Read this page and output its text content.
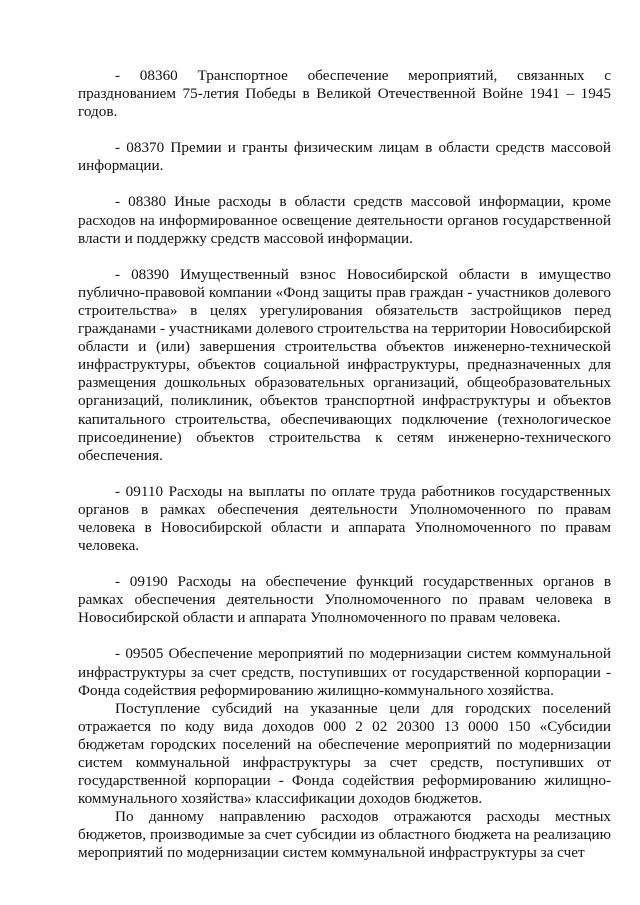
- 08360 Транспортное обеспечение мероприятий, связанных с празднованием 75-летия Победы в Великой Отечественной Войне 1941 – 1945 годов.

- 08370 Премии и гранты физическим лицам в области средств массовой информации.

- 08380 Иные расходы в области средств массовой информации, кроме расходов на информированное освещение деятельности органов государственной власти и поддержку средств массовой информации.

- 08390 Имущественный взнос Новосибирской области в имущество публично-правовой компании «Фонд защиты прав граждан - участников долевого строительства» в целях урегулирования обязательств застройщиков перед гражданами - участниками долевого строительства на территории Новосибирской области и (или) завершения строительства объектов инженерно-технической инфраструктуры, объектов социальной инфраструктуры, предназначенных для размещения дошкольных образовательных организаций, общеобразовательных организаций, поликлиник, объектов транспортной инфраструктуры и объектов капитального строительства, обеспечивающих подключение (технологическое присоединение) объектов строительства к сетям инженерно-технического обеспечения.

- 09110 Расходы на выплаты по оплате труда работников государственных органов в рамках обеспечения деятельности Уполномоченного по правам человека в Новосибирской области и аппарата Уполномоченного по правам человека.

- 09190 Расходы на обеспечение функций государственных органов в рамках обеспечения деятельности Уполномоченного по правам человека в Новосибирской области и аппарата Уполномоченного по правам человека.

- 09505 Обеспечение мероприятий по модернизации систем коммунальной инфраструктуры за счет средств, поступивших от государственной корпорации - Фонда содействия реформированию жилищно-коммунального хозяйства.

Поступление субсидий на указанные цели для городских поселений отражается по коду вида доходов 000 2 02 20300 13 0000 150 «Субсидии бюджетам городских поселений на обеспечение мероприятий по модернизации систем коммунальной инфраструктуры за счет средств, поступивших от государственной корпорации - Фонда содействия реформированию жилищно-коммунального хозяйства» классификации доходов бюджетов.

По данному направлению расходов отражаются расходы местных бюджетов, производимые за счет субсидии из областного бюджета на реализацию мероприятий по модернизации систем коммунальной инфраструктуры за счет
